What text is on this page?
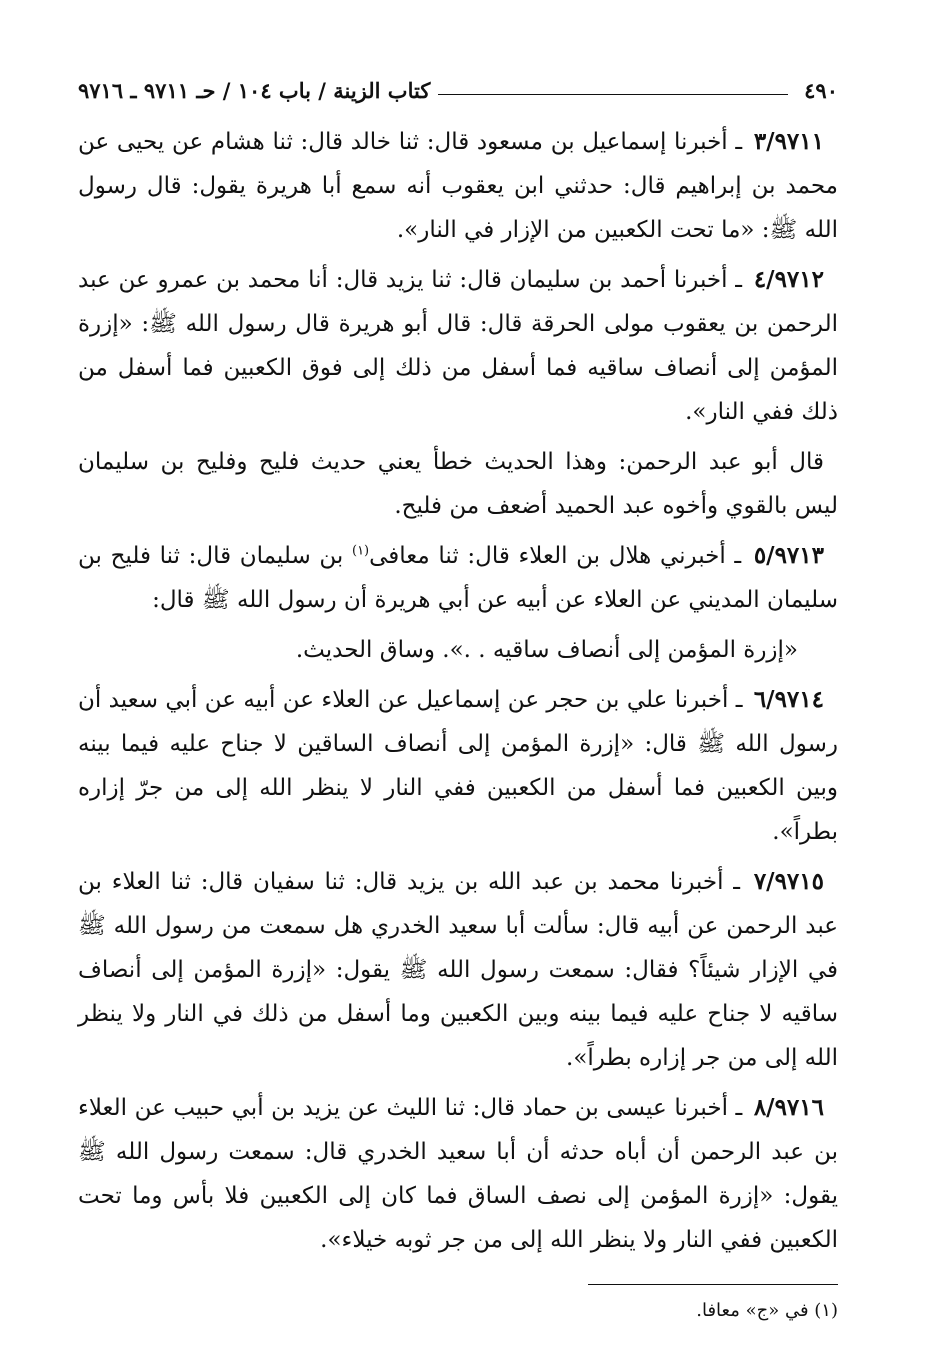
٤٩٠
كتاب الزينة / باب ١٠٤ / حـ ٩٧١١ ـ ٩٧١٦

٣/٩٧١١ ـ أخبرنا إسماعيل بن مسعود قال: ثنا خالد قال: ثنا هشام عن يحيى عن محمد بن إبراهيم قال: حدثني ابن يعقوب أنه سمع أبا هريرة يقول: قال رسول الله ﷺ: «ما تحت الكعبين من الإزار في النار».

٤/٩٧١٢ ـ أخبرنا أحمد بن سليمان قال: ثنا يزيد قال: أنا محمد بن عمرو عن عبد الرحمن بن يعقوب مولى الحرقة قال: قال أبو هريرة قال رسول الله ﷺ: «إزرة المؤمن إلى أنصاف ساقيه فما أسفل من ذلك إلى فوق الكعبين فما أسفل من ذلك ففي النار».

قال أبو عبد الرحمن: وهذا الحديث خطأ يعني حديث فليح وفليح بن سليمان ليس بالقوي وأخوه عبد الحميد أضعف من فليح.

٥/٩٧١٣ ـ أخبرني هلال بن العلاء قال: ثنا معافى$^{(١)}$ بن سليمان قال: ثنا فليح بن سليمان المديني عن العلاء عن أبيه عن أبي هريرة أن رسول الله ﷺ قال:

«إزرة المؤمن إلى أنصاف ساقيه . .». وساق الحديث.

٦/٩٧١٤ ـ أخبرنا علي بن حجر عن إسماعيل عن العلاء عن أبيه عن أبي سعيد أن رسول الله ﷺ قال: «إزرة المؤمن إلى أنصاف الساقين لا جناح عليه فيما بينه وبين الكعبين فما أسفل من الكعبين ففي النار لا ينظر الله إلى من جرّ إزاره بطراً».

٧/٩٧١٥ ـ أخبرنا محمد بن عبد الله بن يزيد قال: ثنا سفيان قال: ثنا العلاء بن عبد الرحمن عن أبيه قال: سألت أبا سعيد الخدري هل سمعت من رسول الله ﷺ في الإزار شيئاً؟ فقال: سمعت رسول الله ﷺ يقول: «إزرة المؤمن إلى أنصاف ساقيه لا جناح عليه فيما بينه وبين الكعبين وما أسفل من ذلك في النار ولا ينظر الله إلى من جر إزاره بطراً».

٨/٩٧١٦ ـ أخبرنا عيسى بن حماد قال: ثنا الليث عن يزيد بن أبي حبيب عن العلاء بن عبد الرحمن أن أباه حدثه أن أبا سعيد الخدري قال: سمعت رسول الله ﷺ يقول: «إزرة المؤمن إلى نصف الساق فما كان إلى الكعبين فلا بأس وما تحت الكعبين ففي النار ولا ينظر الله إلى من جر ثوبه خيلاء».

(١) في «ج» معافا.
